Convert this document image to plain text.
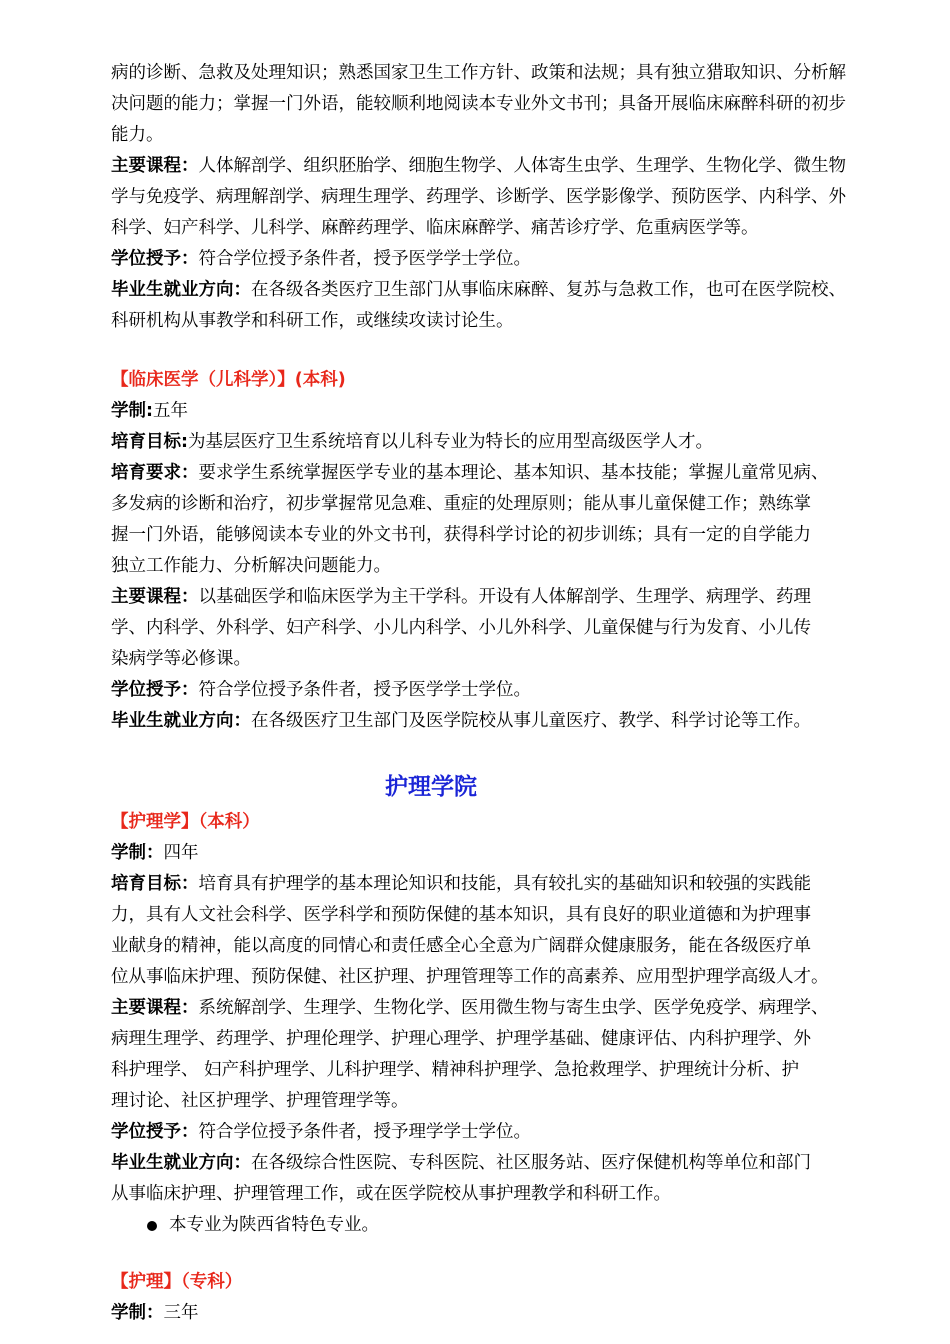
病的诊断、急救及处理知识；熟悉国家卫生工作方针、政策和法规；具有独立猎取知识、分析解

决问题的能力；掌握一门外语，能较顺利地阅读本专业外文书刊；具备开展临床麻醉科研的初步

能力。

主要课程：人体解剖学、组织胚胎学、细胞生物学、人体寄生虫学、生理学、生物化学、微生物

学与免疫学、病理解剖学、病理生理学、药理学、诊断学、医学影像学、预防医学、内科学、外

科学、妇产科学、儿科学、麻醉药理学、临床麻醉学、痛苦诊疗学、危重病医学等。

学位授予：符合学位授予条件者，授予医学学士学位。

毕业生就业方向：在各级各类医疗卫生部门从事临床麻醉、复苏与急救工作，也可在医学院校、

科研机构从事教学和科研工作，或继续攻读讨论生。

【临床医学（儿科学）】(本科)

学制:五年

培育目标:为基层医疗卫生系统培育以儿科专业为特长的应用型高级医学人才。

培育要求：要求学生系统掌握医学专业的基本理论、基本知识、基本技能；掌握儿童常见病、

多发病的诊断和治疗，初步掌握常见急难、重症的处理原则；能从事儿童保健工作；熟练掌

握一门外语，能够阅读本专业的外文书刊，获得科学讨论的初步训练；具有一定的自学能力

独立工作能力、分析解决问题能力。

主要课程：以基础医学和临床医学为主干学科。开设有人体解剖学、生理学、病理学、药理

学、内科学、外科学、妇产科学、小儿内科学、小儿外科学、儿童保健与行为发育、小儿传

染病学等必修课。

学位授予：符合学位授予条件者，授予医学学士学位。

毕业生就业方向：在各级医疗卫生部门及医学院校从事儿童医疗、教学、科学讨论等工作。

护理学院

【护理学】（本科）

学制：四年

培育目标：培育具有护理学的基本理论知识和技能，具有较扎实的基础知识和较强的实践能

力，具有人文社会科学、医学科学和预防保健的基本知识，具有良好的职业道德和为护理事

业献身的精神，能以高度的同情心和责任感全心全意为广阔群众健康服务，能在各级医疗单

位从事临床护理、预防保健、社区护理、护理管理等工作的高素养、应用型护理学高级人才。

主要课程：系统解剖学、生理学、生物化学、医用微生物与寄生虫学、医学免疫学、病理学、

病理生理学、药理学、护理伦理学、护理心理学、护理学基础、健康评估、内科护理学、外

科护理学、 妇产科护理学、儿科护理学、精神科护理学、急抢救理学、护理统计分析、护

理讨论、社区护理学、护理管理学等。

学位授予：符合学位授予条件者，授予理学学士学位。

毕业生就业方向：在各级综合性医院、专科医院、社区服务站、医疗保健机构等单位和部门

从事临床护理、护理管理工作，或在医学院校从事护理教学和科研工作。

本专业为陕西省特色专业。

【护理】（专科）

学制：三年
